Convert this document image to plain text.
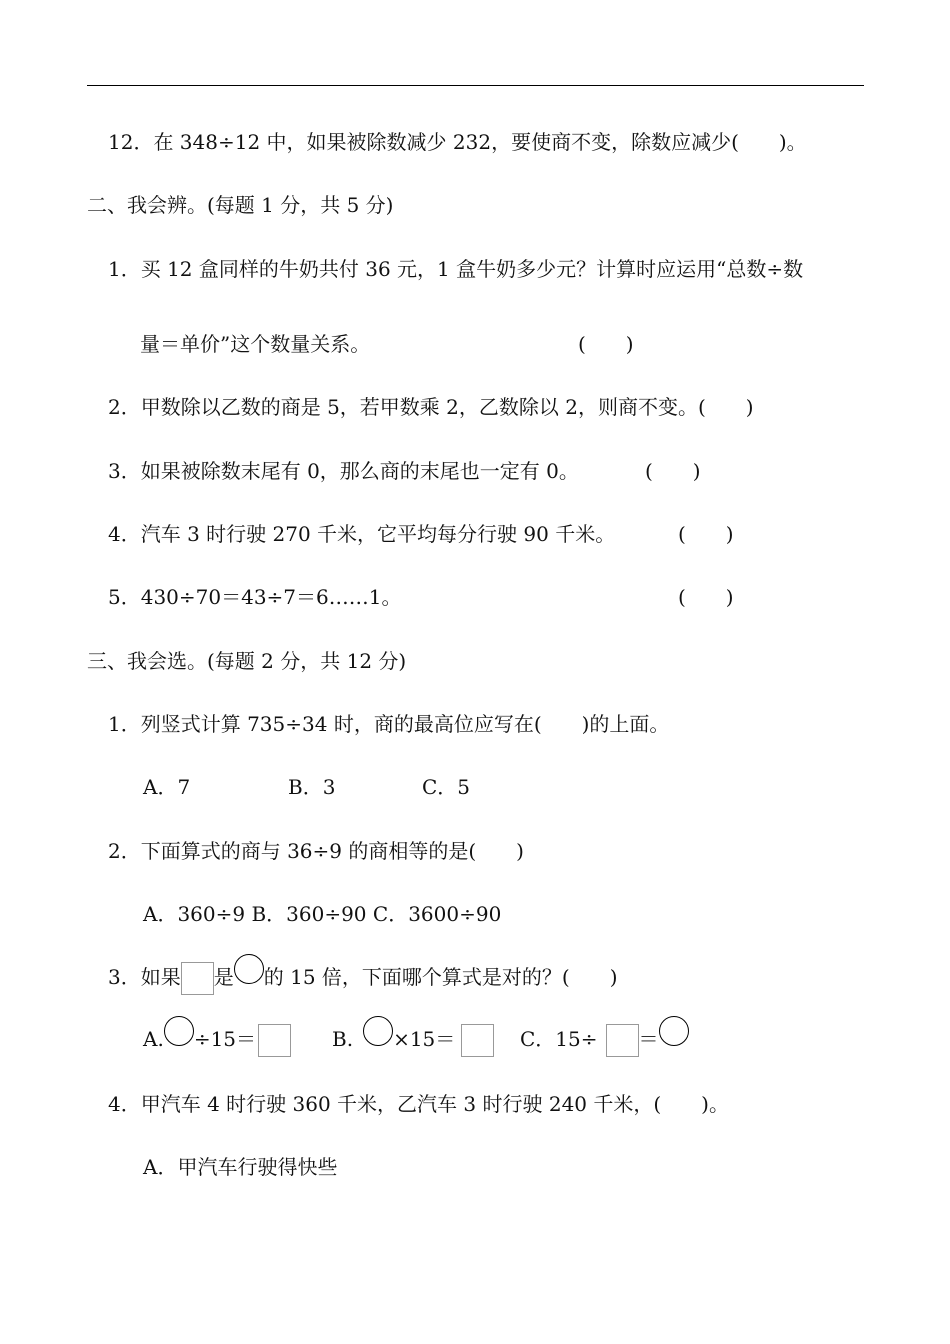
12．在 348÷12 中，如果被除数减少 232，要使商不变，除数应减少(　　)。
二、我会辨。(每题 1 分，共 5 分)
1．买 12 盒同样的牛奶共付 36 元，1 盒牛奶多少元？计算时应运用“总数÷数
量＝单价”这个数量关系。	(　　)
2．甲数除以乙数的商是 5，若甲数乘 2，乙数除以 2，则商不变。(　　)
3．如果被除数末尾有 0，那么商的末尾也一定有 0。	(　　)
4．汽车 3 时行驶 270 千米，它平均每分行驶 90 千米。	(　　)
5．430÷70＝43÷7＝6……1。	(　　)
三、我会选。(每题 2 分，共 12 分)
1．列竖式计算 735÷34 时，商的最高位应写在(　　)的上面。
A．7	B．3	C．5
2．下面算式的商与 36÷9 的商相等的是(　　)
A．360÷9 B．360÷90 C．3600÷90
3．如果 是 的 15 倍，下面哪个算式是对的？(　　)
A. ÷15＝	B. ×15＝	C．15÷ ＝
4．甲汽车 4 时行驶 360 千米，乙汽车 3 时行驶 240 千米，(　　)。
A．甲汽车行驶得快些
